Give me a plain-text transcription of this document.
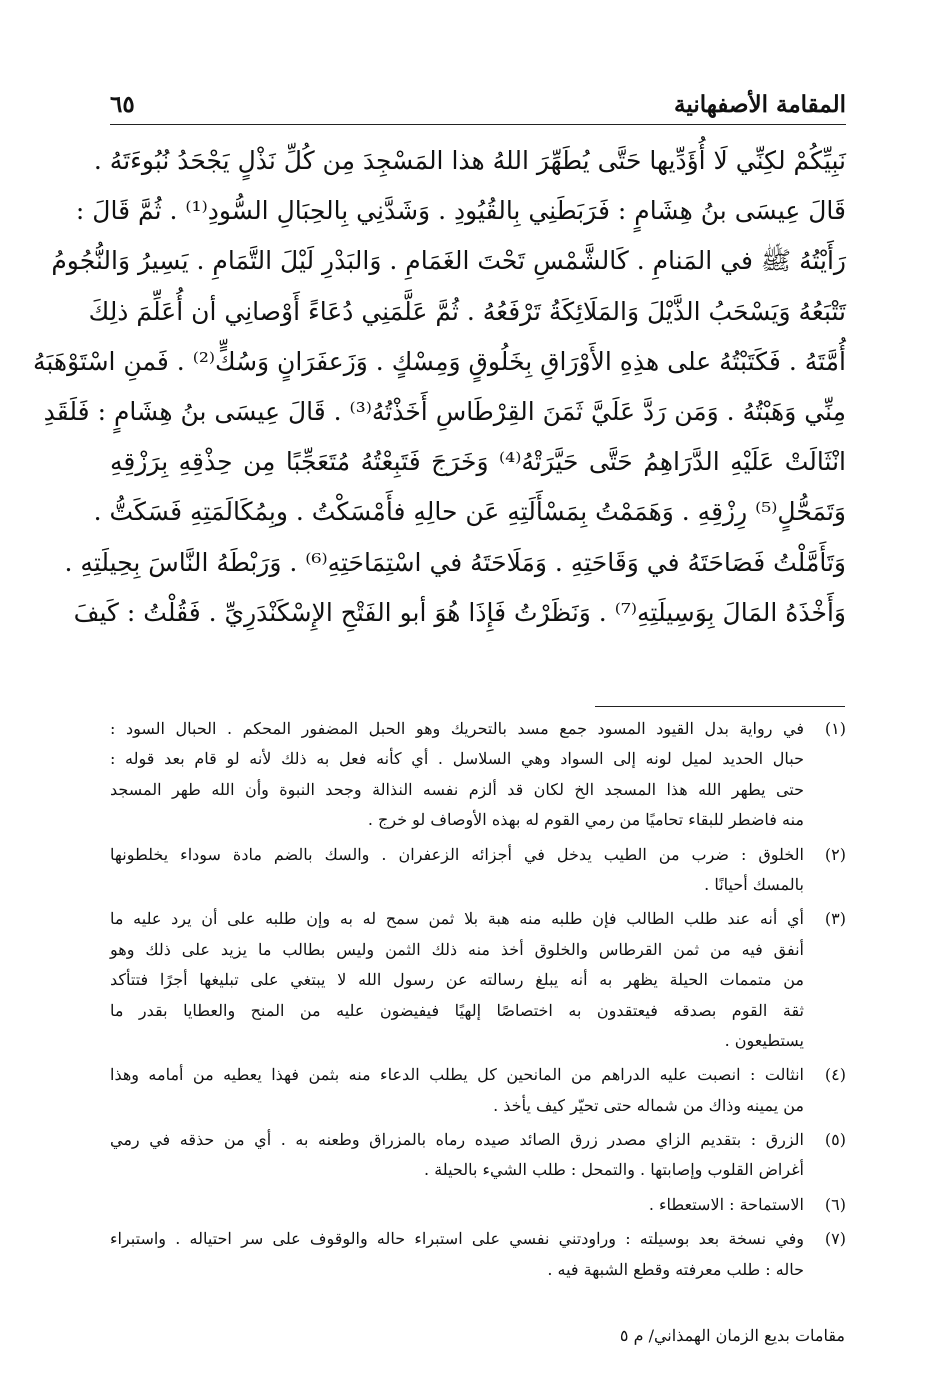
المقامة الأصفهانية
٦٥
نَبِيِّكُمْ لكِنِّي لَا أُؤَدِّيها حَتَّى يُطَهِّرَ اللهُ هذا المَسْجِدَ مِن كُلِّ نَذْلٍ يَجْحَدُ نُبُوءَتَهُ .
قَالَ عِيسَى بنُ هِشَامٍ : فَرَبَطَنِي بِالقُيُودِ . وَشَدَّنِي بِالحِبَالِ السُّودِ⁽¹⁾ . ثُمَّ قَالَ :
رَأَيْتُهُ ﷺ في المَنامِ . كَالشَّمْسِ تَحْتَ الغَمَامِ . وَالبَدْرِ لَيْلَ التَّمَامِ . يَسِيرُ وَالنُّجُومُ
تَتْبَعُهُ وَيَسْحَبُ الذَّيْلَ وَالمَلَائِكَةُ تَرْفَعُهُ . ثُمَّ عَلَّمَنِي دُعَاءً أَوْصانِي أن أُعَلِّمَ ذلِكَ
أُمَّتَهُ . فَكَتَبْتُهُ على هذِهِ الأَوْرَاقِ بِخَلُوقٍ وَمِسْكٍ . وَزَعفَرَانٍ وَسُكٍّ⁽²⁾ . فَمنِ اسْتَوْهَبَهُ
مِنِّي وَهَبْتُهُ . وَمَن رَدَّ عَلَيَّ ثَمَنَ القِرْطَاسِ أَخَذْتُهُ⁽³⁾ . قَالَ عِيسَى بنُ هِشَامٍ : فَلَقَدِ
انْثَالَتْ عَلَيْهِ الدَّرَاهِمُ حَتَّى حَيَّرَتْهُ⁽⁴⁾ وَخَرَجَ فَتَبِعْتُهُ مُتَعَجِّبًا مِن حِذْقِهِ بِرَزْقِهِ
وَتَمَحُّلٍ⁽⁵⁾ رِزْقِهِ . وَهَمَمْتُ بِمَسْأَلَتِهِ عَن حالِهِ فأَمْسَكْتُ . وبِمُكَالَمَتِهِ فَسَكَتُّ .
وَتَأَمَّلْتُ فَصَاحَتَهُ في وَقَاحَتِهِ . وَمَلَاحَتَهُ في اسْتِمَاحَتِهِ⁽⁶⁾ . وَرَبْطَهُ النَّاسَ بِحِيلَتِهِ .
وَأَخْذَهُ المَالَ بِوَسِيلَتِهِ⁽⁷⁾ . وَنَظَرْتُ فَإِذَا هُوَ أبو الفَتْحِ الإِسْكَنْدَرِيِّ . فَقُلْتُ : كَيفَ
(١)
في رواية بدل القيود المسود جمع مسد بالتحريك وهو الحبل المضفور المحكم . الحبال السود :
حبال الحديد لميل لونه إلى السواد وهي السلاسل . أي كأنه فعل به ذلك لأنه لو قام بعد قوله :
حتى يطهر الله هذا المسجد الخ لكان قد ألزم نفسه النذالة وجحد النبوة وأن الله طهر المسجد
منه فاضطر للبقاء تحاميًا من رمي القوم له بهذه الأوصاف لو خرج .
(٢)
الخلوق : ضرب من الطيب يدخل في أجزائه الزعفران . والسك بالضم مادة سوداء يخلطونها
بالمسك أحيانًا .
(٣)
أي أنه عند طلب الطالب فإن طلبه منه هبة بلا ثمن سمح له به وإن طلبه على أن يرد عليه ما
أنفق فيه من ثمن القرطاس والخلوق أخذ منه ذلك الثمن وليس بطالب ما يزيد على ذلك وهو
من متممات الحيلة يظهر به أنه يبلغ رسالته عن رسول الله لا يبتغي على تبليغها أجرًا فتتأكد
ثقة القوم بصدقه فيعتقدون به اختصاصًا إلهيًا فيفيضون عليه من المنح والعطايا بقدر ما
يستطيعون .
(٤)
انثالت : انصبت عليه الدراهم من المانحين كل يطلب الدعاء منه بثمن فهذا يعطيه من أمامه وهذا
من يمينه وذاك من شماله حتى تحيّر كيف يأخذ .
(٥)
الزرق : بتقديم الزاي مصدر زرق الصائد صيده رماه بالمزراق وطعنه به . أي من حذقه في رمي
أغراض القلوب وإصابتها . والتمحل : طلب الشيء بالحيلة .
(٦)
الاستماحة : الاستعطاء .
(٧)
وفي نسخة بعد بوسيلته : وراودتني نفسي على استبراء حاله والوقوف على سر احتياله . واستبراء
حاله : طلب معرفته وقطع الشبهة فيه .
مقامات بديع الزمان الهمذاني/ م ٥
